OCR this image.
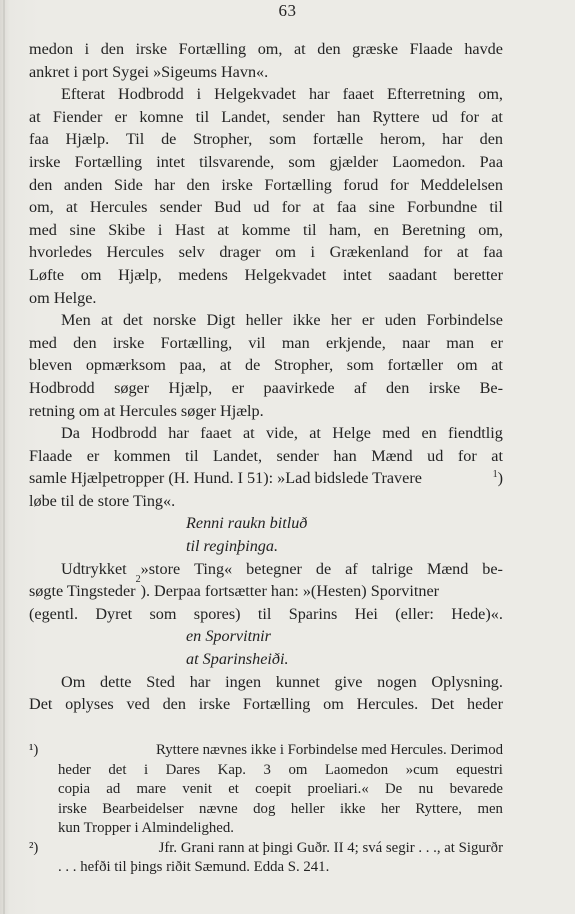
63
medon i den irske Fortælling om, at den græske Flaade havde
ankret i port Sygei »Sigeums Havn«.
Efterat Hodbrodd i Helgekvadet har faaet Efterretning om,
at Fiender er komne til Landet, sender han Ryttere ud for at
faa Hjælp. Til de Stropher, som fortælle herom, har den
irske Fortælling intet tilsvarende, som gjælder Laomedon. Paa
den anden Side har den irske Fortælling forud for Meddelelsen
om, at Hercules sender Bud ud for at faa sine Forbundne til
med sine Skibe i Hast at komme til ham, en Beretning om,
hvorledes Hercules selv drager om i Grækenland for at faa
Løfte om Hjælp, medens Helgekvadet intet saadant beretter
om Helge.
Men at det norske Digt heller ikke her er uden Forbindelse
med den irske Fortælling, vil man erkjende, naar man er
bleven opmærksom paa, at de Stropher, som fortæller om at
Hodbrodd søger Hjælp, er paavirkede af den irske Be-
retning om at Hercules søger Hjælp.
Da Hodbrodd har faaet at vide, at Helge med en fiendtlig
Flaade er kommen til Landet, sender han Mænd ud for at
samle Hjælpetropper (H. Hund. I 51): »Lad bidslede Travere	$^1$)
løbe til de store Ting«.
Renni raukn bitluð
til reginþinga.
Udtrykket »store Ting« betegner de af talrige Mænd be-
søgte Tingsteder
2
). Derpaa fortsætter han: »(Hesten) Sporvitner
(egentl. Dyret som spores) til Sparins Hei (eller: Hede)«.
en Sporvitnir
at Sparinsheiði.
Om dette Sted har ingen kunnet give nogen Oplysning.
Det oplyses ved den irske Fortælling om Hercules. Det heder
¹)	Ryttere nævnes ikke i Forbindelse med Hercules. Derimod
heder det i Dares Kap. 3 om Laomedon »cum equestri
copia ad mare venit et coepit proeliari.« De nu bevarede
irske Bearbeidelser nævne dog heller ikke her Ryttere, men
kun Tropper i Almindelighed.
²)	Jfr. Grani rann at þingi Guðr. II 4; svá segir . . ., at Sigurðr
. . . hefði til þings riðit Sæmund. Edda S. 241.
